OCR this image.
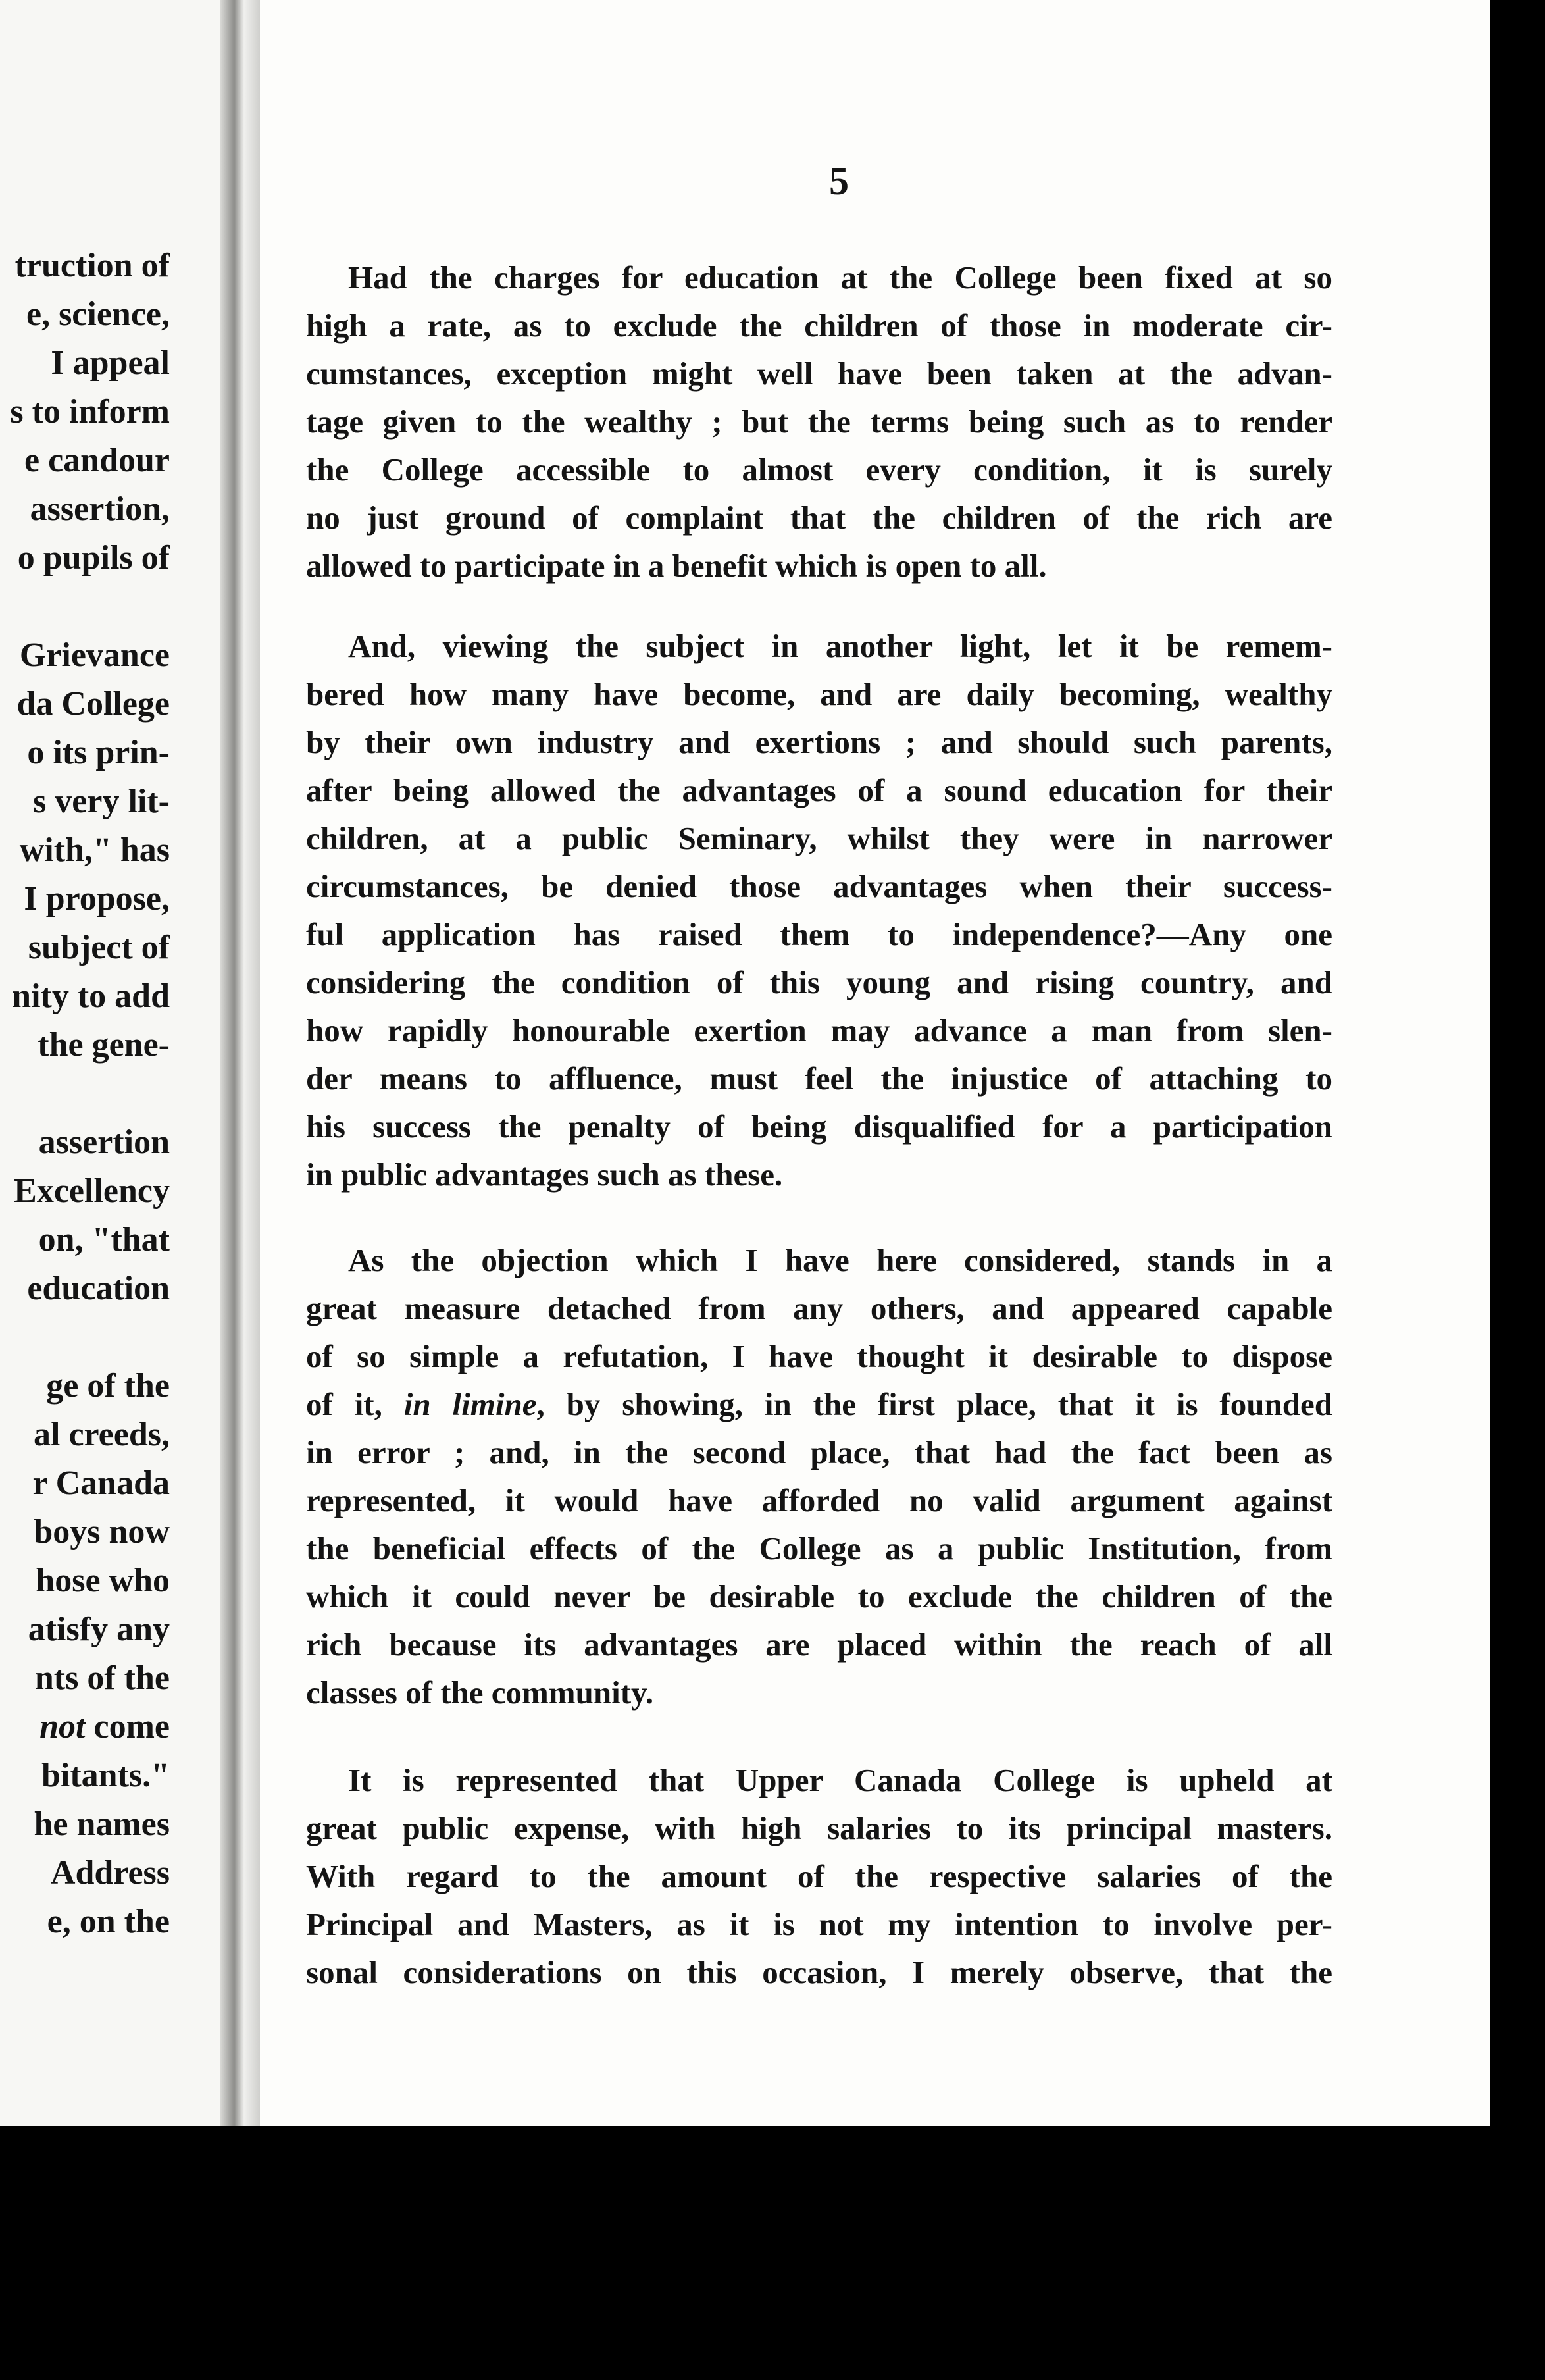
truction of
e, science,
I appeal
s to inform
e candour
assertion,
o pupils of
Grievance
da College
o its prin-
s very lit-
with," has
I propose,
subject of
nity to add
the gene-
assertion
Excellency
on, "that
education
ge of the
al creeds,
r Canada
boys now
hose who
atisfy any
nts of the
not come
bitants."
he names
Address
e, on the
5
Had the charges for education at the College been fixed at so
high a rate, as to exclude the children of those in moderate cir-
cumstances, exception might well have been taken at the advan-
tage given to the wealthy ; but the terms being such as to render
the College accessible to almost every condition, it is surely
no just ground of complaint that the children of the rich are
allowed to participate in a benefit which is open to all.
And, viewing the subject in another light, let it be remem-
bered how many have become, and are daily becoming, wealthy
by their own industry and exertions ; and should such parents,
after being allowed the advantages of a sound education for their
children, at a public Seminary, whilst they were in narrower
circumstances, be denied those advantages when their success-
ful application has raised them to independence?—Any one
considering the condition of this young and rising country, and
how rapidly honourable exertion may advance a man from slen-
der means to affluence, must feel the injustice of attaching to
his success the penalty of being disqualified for a participation
in public advantages such as these.
As the objection which I have here considered, stands in a
great measure detached from any others, and appeared capable
of so simple a refutation, I have thought it desirable to dispose
of it, in limine, by showing, in the first place, that it is founded
in error ; and, in the second place, that had the fact been as
represented, it would have afforded no valid argument against
the beneficial effects of the College as a public Institution, from
which it could never be desirable to exclude the children of the
rich because its advantages are placed within the reach of all
classes of the community.
It is represented that Upper Canada College is upheld at
great public expense, with high salaries to its principal masters.
With regard to the amount of the respective salaries of the
Principal and Masters, as it is not my intention to involve per-
sonal considerations on this occasion, I merely observe, that the
